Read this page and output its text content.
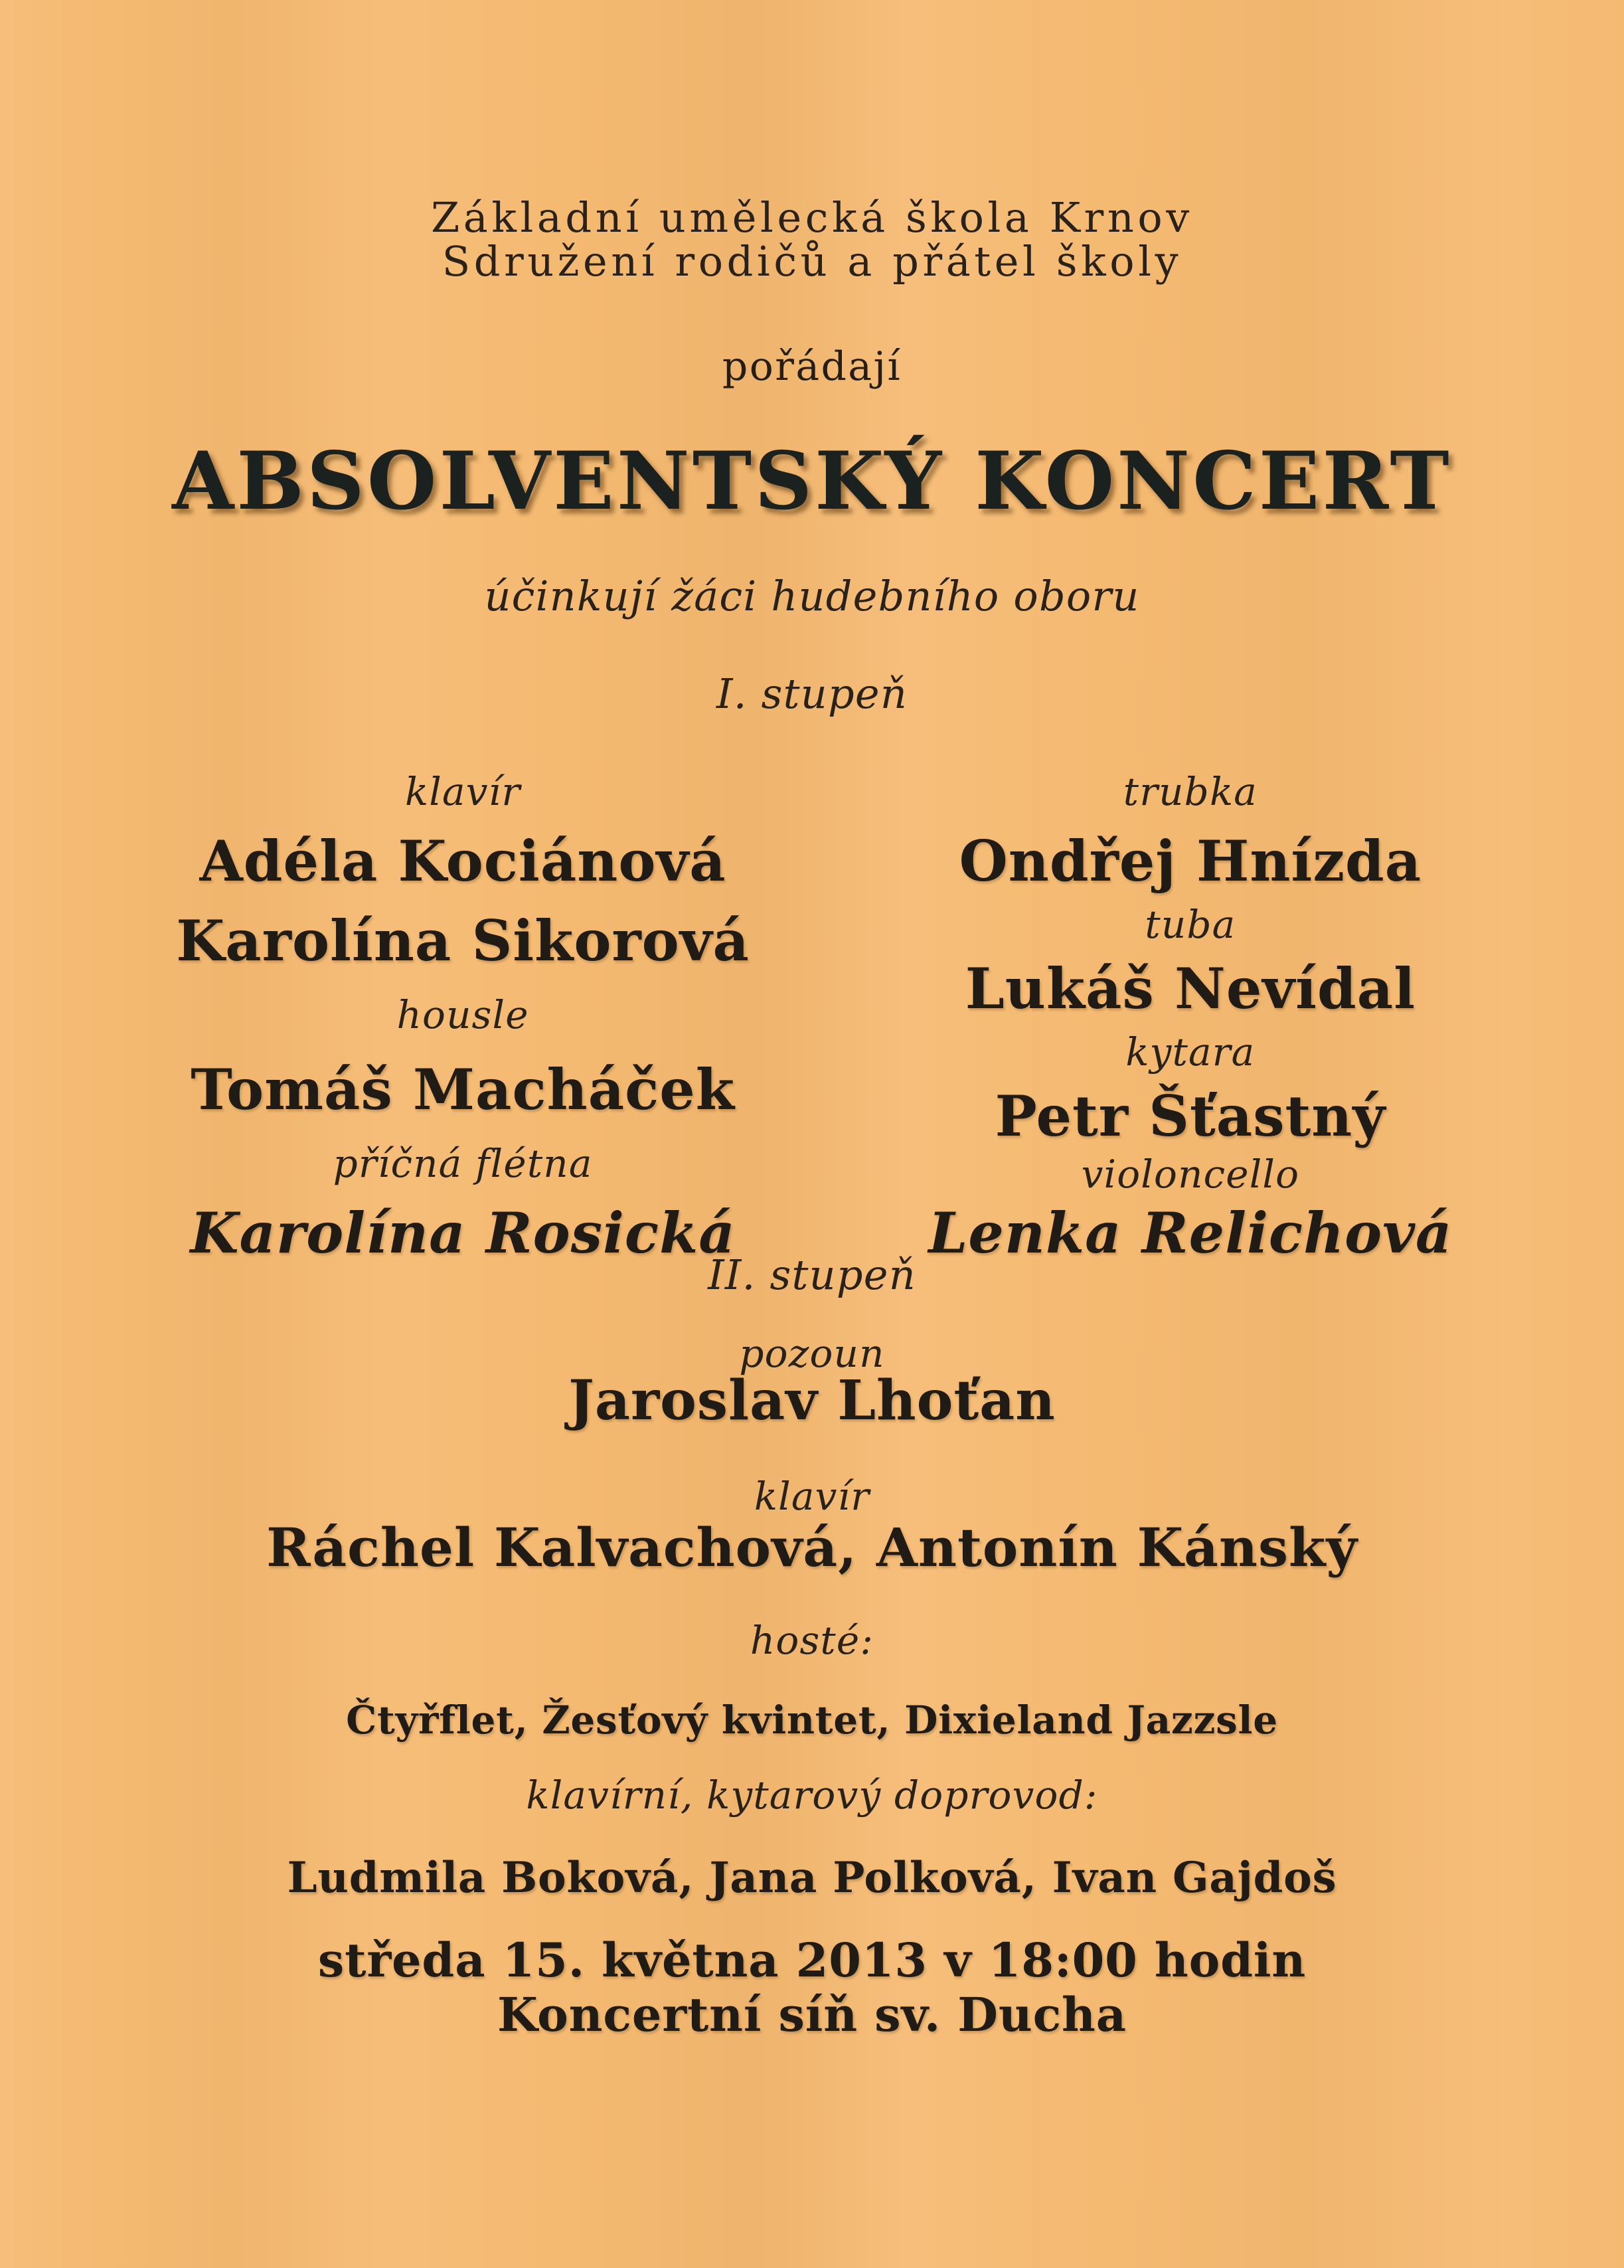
Základní umělecká škola Krnov
Sdružení rodičů a přátel školy
pořádají
ABSOLVENTSKÝ KONCERT
účinkují žáci hudebního oboru
I. stupeň
klavír
Adéla Kociánová
Karolína Sikorová
housle
Tomáš Macháček
příčná flétna
Karolína Rosická
trubka
Ondřej Hnízda
tuba
Lukáš Nevídal
kytara
Petr Šťastný
violoncello
Lenka Relichová
II. stupeň
pozoun
Jaroslav Lhoťan
klavír
Ráchel Kalvachová, Antonín Kánský
hosté:
Čtyřflet, Žesťový kvintet, Dixieland Jazzsle
klavírní, kytarový doprovod:
Ludmila Boková, Jana Polková, Ivan Gajdoš
středa 15. května 2013 v 18:00 hodin
Koncertní síň sv. Ducha
